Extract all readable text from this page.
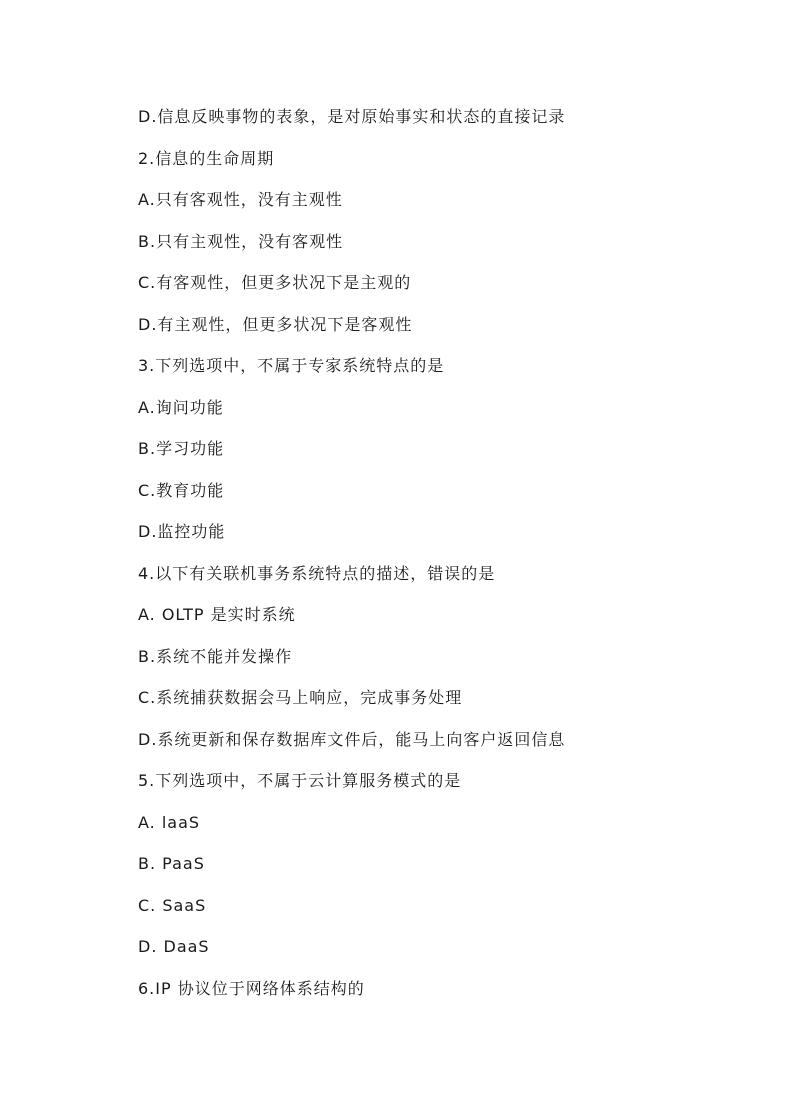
D.信息反映事物的表象，是对原始事实和状态的直接记录
2.信息的生命周期
A.只有客观性，没有主观性
B.只有主观性，没有客观性
C.有客观性，但更多状况下是主观的
D.有主观性，但更多状况下是客观性
3.下列选项中，不属于专家系统特点的是
A.询问功能
B.学习功能
C.教育功能
D.监控功能
4.以下有关联机事务系统特点的描述，错误的是
A. OLTP 是实时系统
B.系统不能并发操作
C.系统捕获数据会马上响应，完成事务处理
D.系统更新和保存数据库文件后，能马上向客户返回信息
5.下列选项中，不属于云计算服务模式的是
A. laaS
B. PaaS
C. SaaS
D. DaaS
6.IP 协议位于网络体系结构的
